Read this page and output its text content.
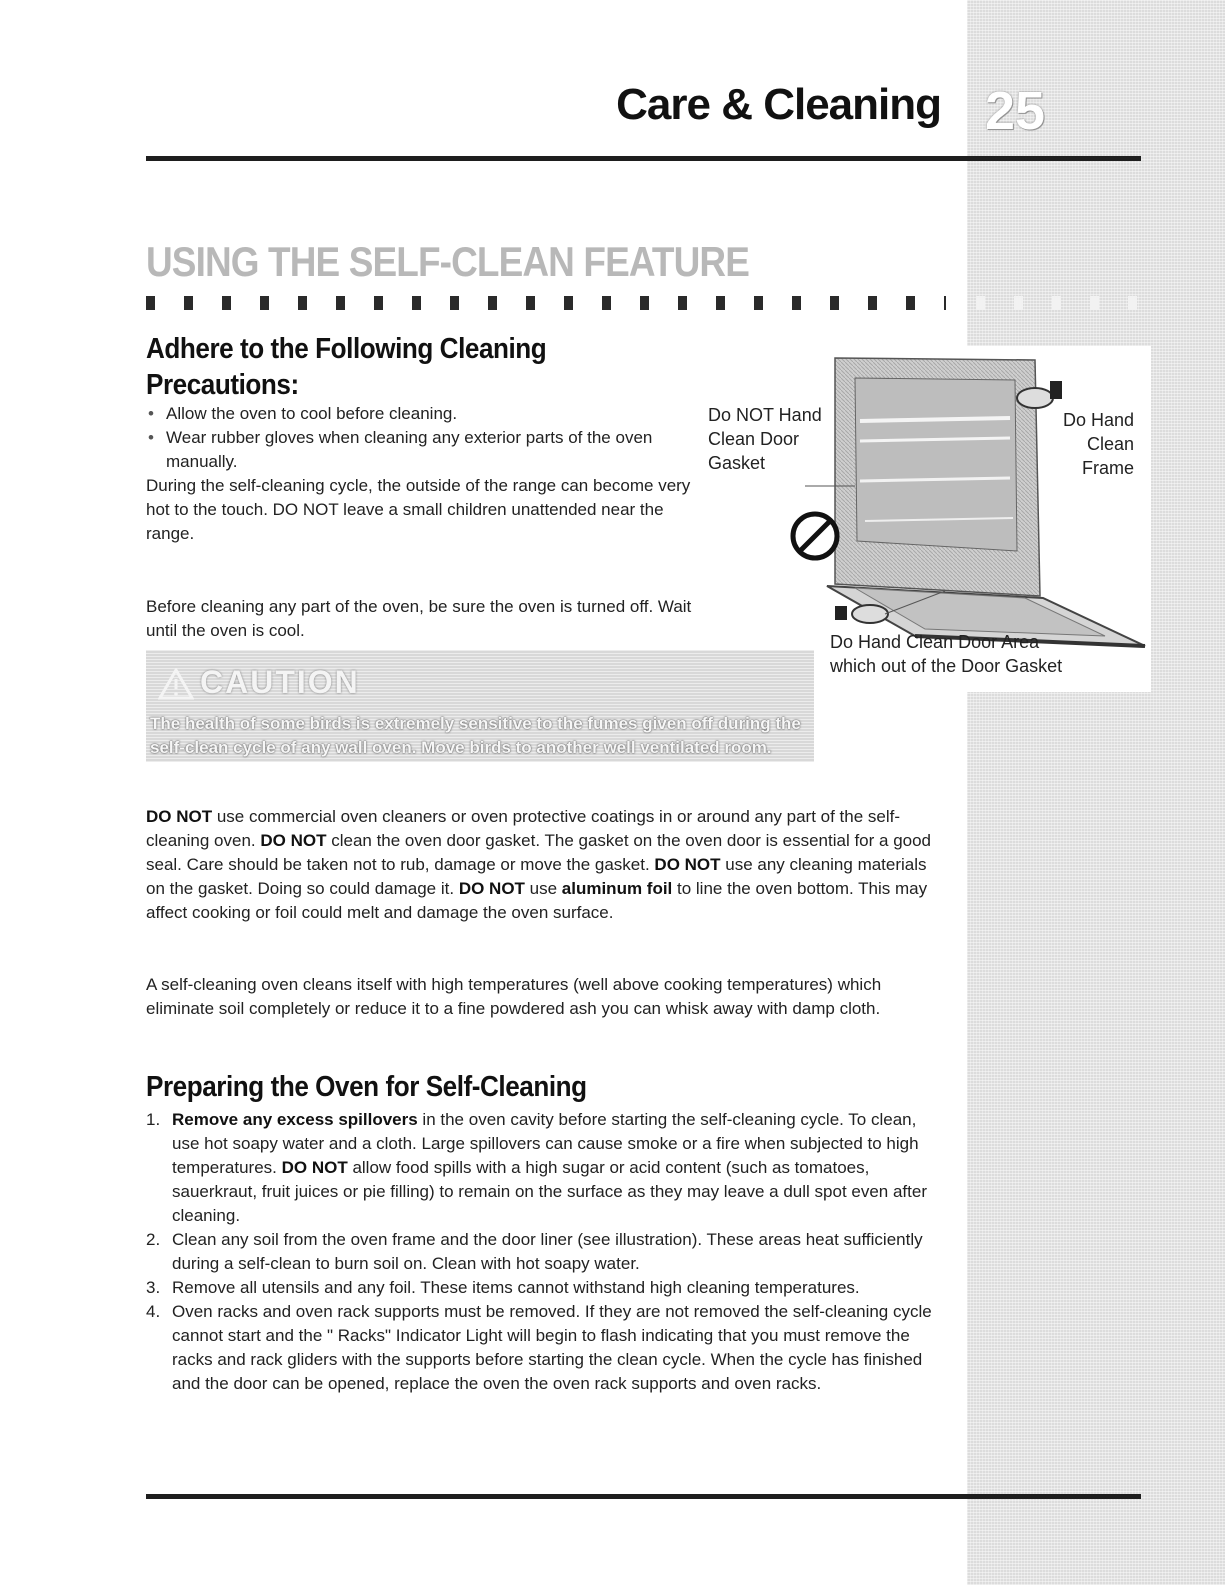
Care & Cleaning 25
USING THE SELF-CLEAN FEATURE
Adhere to the Following Cleaning
Precautions:
• Allow the oven to cool before cleaning.
• Wear rubber gloves when cleaning any exterior parts of the oven manually.
During the self-cleaning cycle, the outside of the range can become very hot to the touch. DO NOT leave a small children unattended near the range.
Before cleaning any part of the oven, be sure the oven is turned off. Wait until the oven is cool.
Do NOT Hand Clean Door Gasket
Do Hand Clean Frame
Do Hand Clean Door Area
which out of the Door Gasket
CAUTION
The health of some birds is extremely sensitive to the fumes given off during the self-clean cycle of any wall oven. Move birds to another well ventilated room.
DO NOT use commercial oven cleaners or oven protective coatings in or around any part of the self-cleaning oven. DO NOT clean the oven door gasket. The gasket on the oven door is essential for a good seal. Care should be taken not to rub, damage or move the gasket. DO NOT use any cleaning materials on the gasket. Doing so could damage it. DO NOT use aluminum foil to line the oven bottom. This may affect cooking or foil could melt and damage the oven surface.
A self-cleaning oven cleans itself with high temperatures (well above cooking temperatures) which eliminate soil completely or reduce it to a fine powdered ash you can whisk away with damp cloth.
Preparing the Oven for Self-Cleaning
1. Remove any excess spillovers in the oven cavity before starting the self-cleaning cycle. To clean, use hot soapy water and a cloth. Large spillovers can cause smoke or a fire when subjected to high temperatures. DO NOT allow food spills with a high sugar or acid content (such as tomatoes, sauerkraut, fruit juices or pie filling) to remain on the surface as they may leave a dull spot even after cleaning.
2. Clean any soil from the oven frame and the door liner (see illustration). These areas heat sufficiently during a self-clean to burn soil on. Clean with hot soapy water.
3. Remove all utensils and any foil. These items cannot withstand high cleaning temperatures.
4. Oven racks and oven rack supports must be removed. If they are not removed the self-cleaning cycle cannot start and the " Racks" Indicator Light will begin to flash indicating that you must remove the racks and rack gliders with the supports before starting the clean cycle. When the cycle has finished and the door can be opened, replace the oven the oven rack supports and oven racks.
